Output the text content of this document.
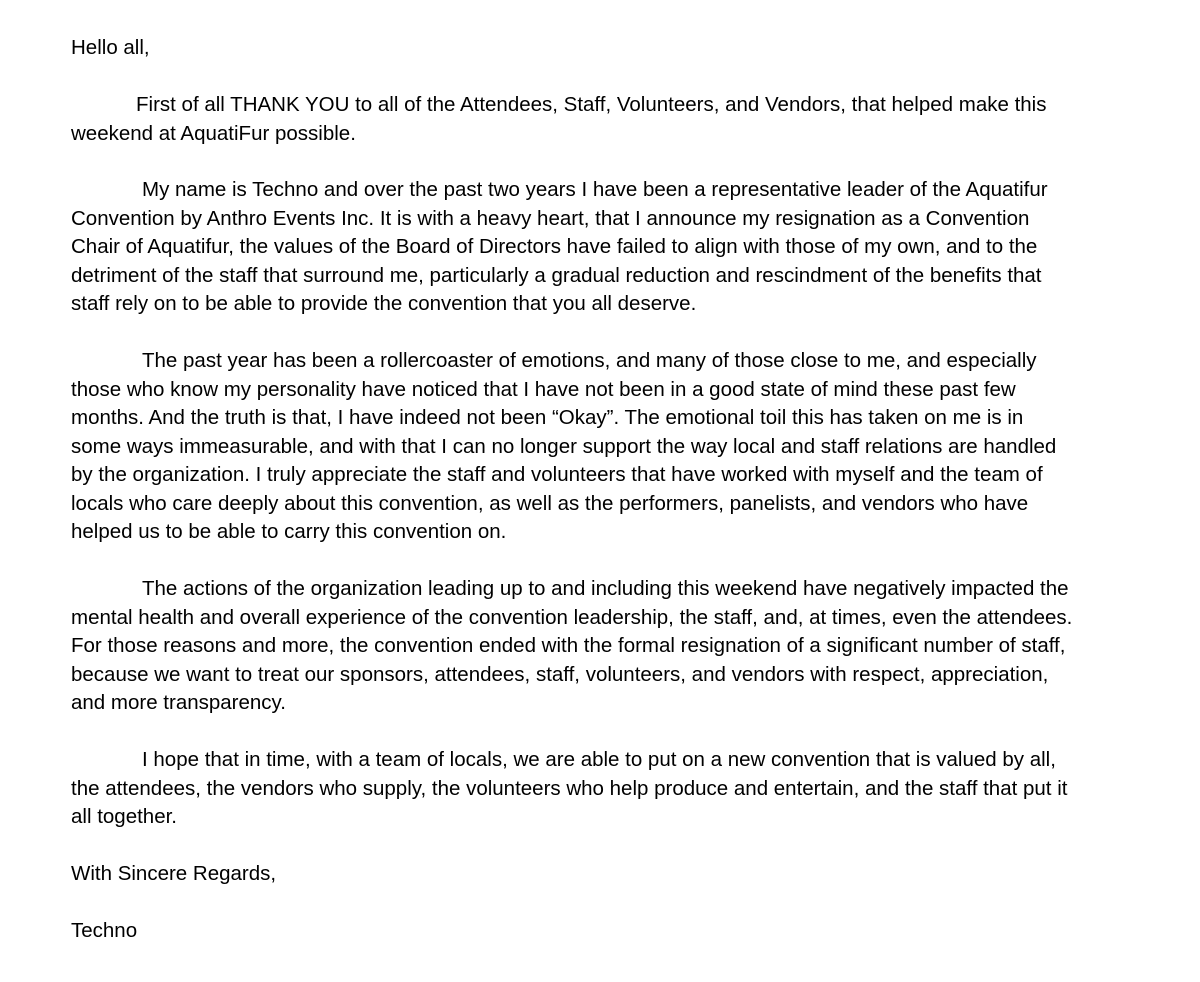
Hello all,
First of all THANK YOU to all of the Attendees, Staff, Volunteers, and Vendors, that helped make this
weekend at AquatiFur possible.
My name is Techno and over the past two years I have been a representative leader of the Aquatifur
Convention by Anthro Events Inc. It is with a heavy heart, that I announce my resignation as a Convention
Chair of Aquatifur, the values of the Board of Directors have failed to align with those of my own, and to the
detriment of the staff that surround me, particularly a gradual reduction and rescindment of the benefits that
staff rely on to be able to provide the convention that you all deserve.
The past year has been a rollercoaster of emotions, and many of those close to me, and especially
those who know my personality have noticed that I have not been in a good state of mind these past few
months. And the truth is that, I have indeed not been “Okay”. The emotional toil this has taken on me is in
some ways immeasurable, and with that I can no longer support the way local and staff relations are handled
by the organization. I truly appreciate the staff and volunteers that have worked with myself and the team of
locals who care deeply about this convention, as well as the performers, panelists, and vendors who have
helped us to be able to carry this convention on.
The actions of the organization leading up to and including this weekend have negatively impacted the
mental health and overall experience of the convention leadership, the staff, and, at times, even the attendees.
For those reasons and more, the convention ended with the formal resignation of a significant number of staff,
because we want to treat our sponsors, attendees, staff, volunteers, and vendors with respect, appreciation,
and more transparency.
I hope that in time, with a team of locals, we are able to put on a new convention that is valued by all,
the attendees, the vendors who supply, the volunteers who help produce and entertain, and the staff that put it
all together.
With Sincere Regards,
Techno
